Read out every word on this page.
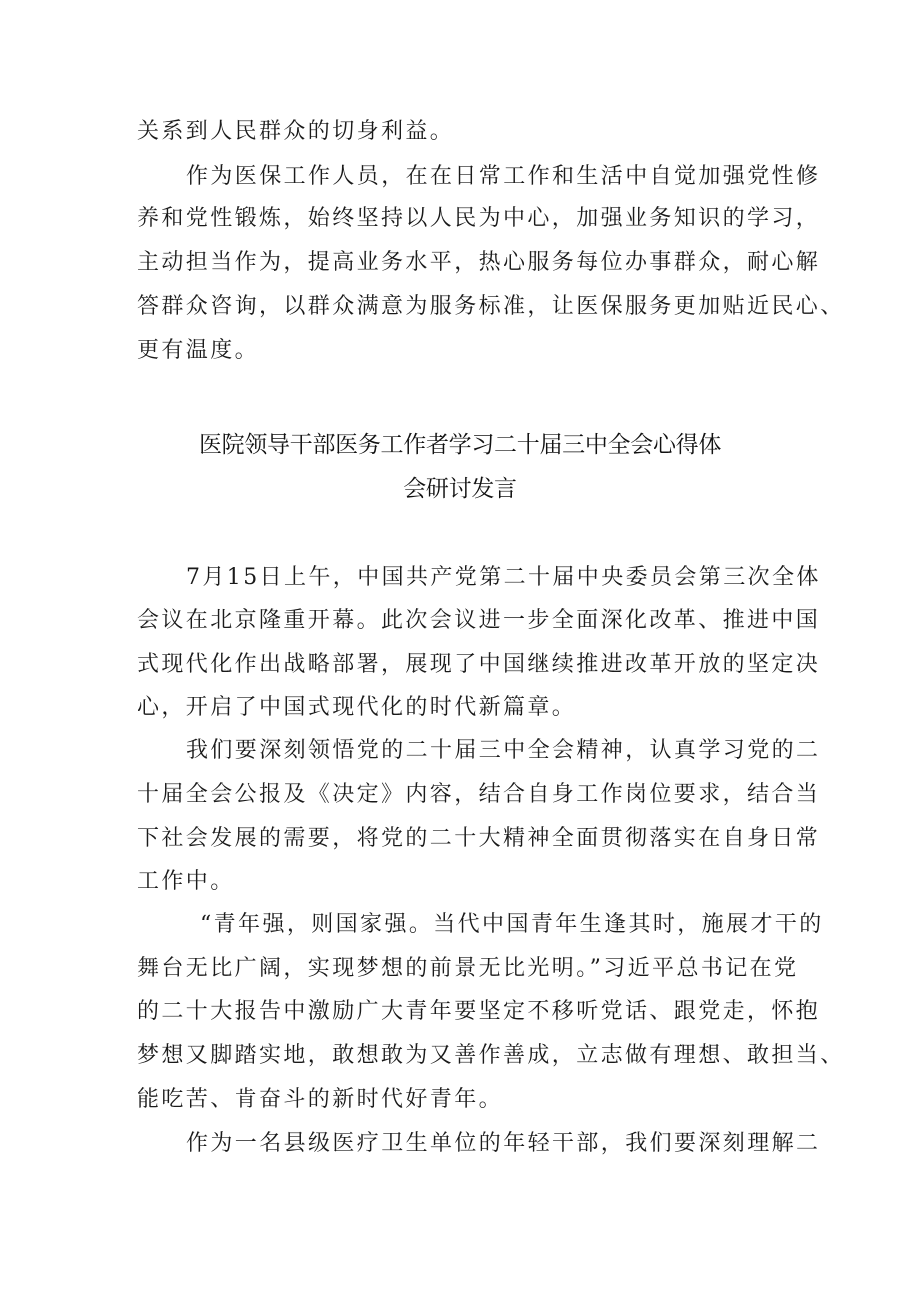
关系到人民群众的切身利益。
作为医保工作人员，在在日常工作和生活中自觉加强党性修
养和党性锻炼，始终坚持以人民为中心，加强业务知识的学习，
主动担当作为，提高业务水平，热心服务每位办事群众，耐心解
答群众咨询，以群众满意为服务标准，让医保服务更加贴近民心、
更有温度。
医院领导干部医务工作者学习二十届三中全会心得体
会研讨发言
7月15日上午，中国共产党第二十届中央委员会第三次全体
会议在北京隆重开幕。此次会议进一步全面深化改革、推进中国
式现代化作出战略部署，展现了中国继续推进改革开放的坚定决
心，开启了中国式现代化的时代新篇章。
我们要深刻领悟党的二十届三中全会精神，认真学习党的二
十届全会公报及《决定》内容，结合自身工作岗位要求，结合当
下社会发展的需要，将党的二十大精神全面贯彻落实在自身日常
工作中。
“青年强，则国家强。当代中国青年生逢其时，施展才干的
舞台无比广阔，实现梦想的前景无比光明。”习近平总书记在党
的二十大报告中激励广大青年要坚定不移听党话、跟党走，怀抱
梦想又脚踏实地，敢想敢为又善作善成，立志做有理想、敢担当、
能吃苦、肯奋斗的新时代好青年。
作为一名县级医疗卫生单位的年轻干部，我们要深刻理解二
